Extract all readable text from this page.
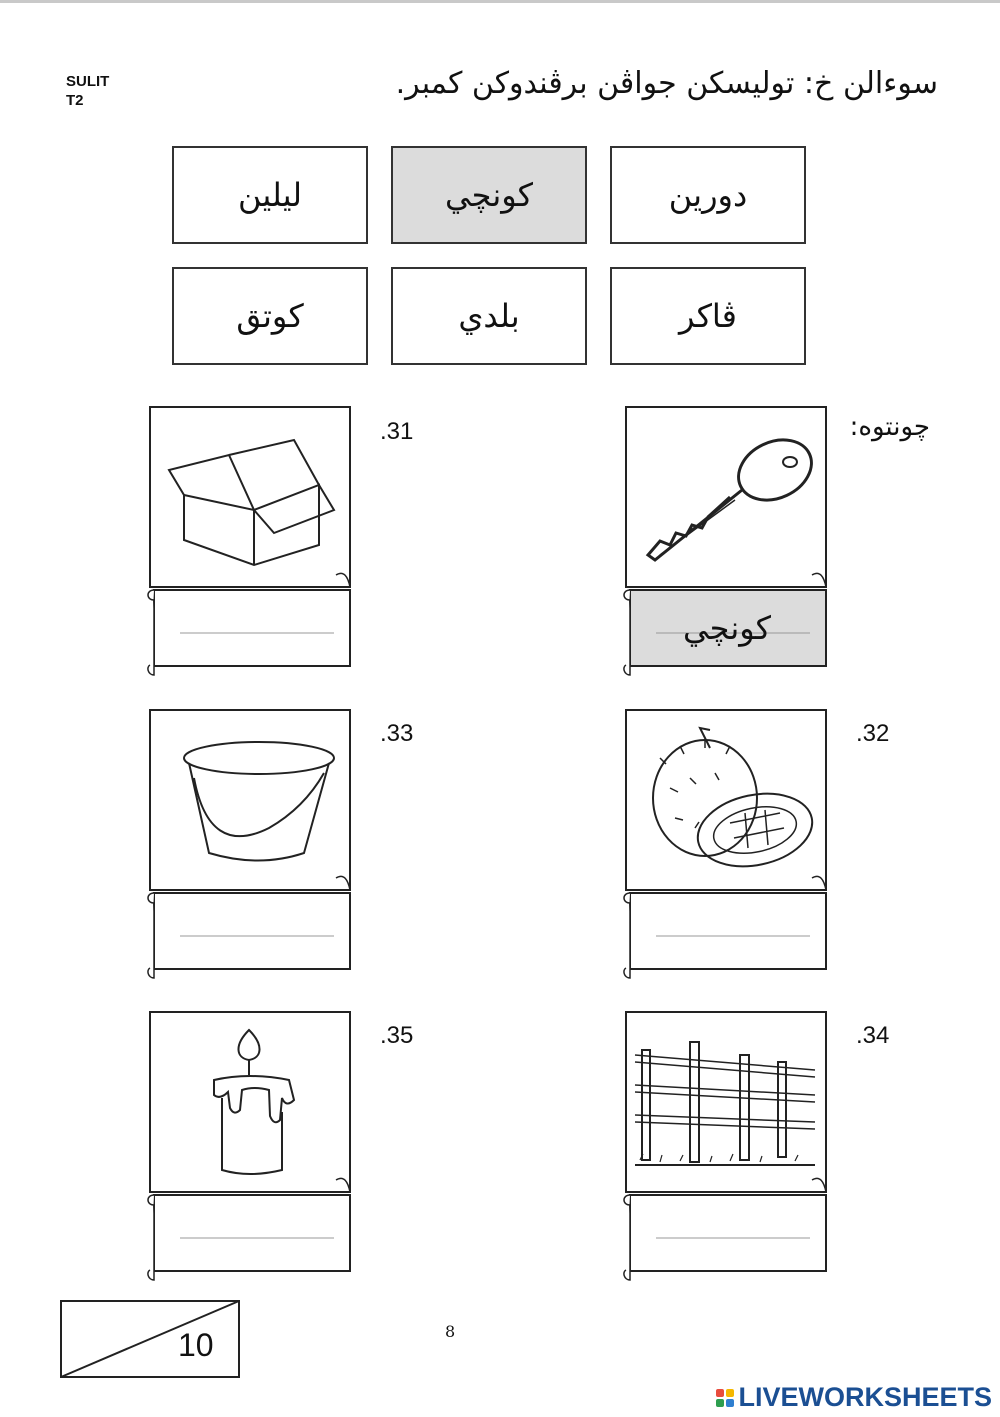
SULIT
T2	سوءالن خ: توليسكن جواڤن برڤندوكن كمبر.
دورين
كونچي
ليلين
ڤاكر
بلدي
كوتق
چونتوه:
.31
.32
.33
.34
.35
كونچي
10	8
LIVEWORKSHEETS
